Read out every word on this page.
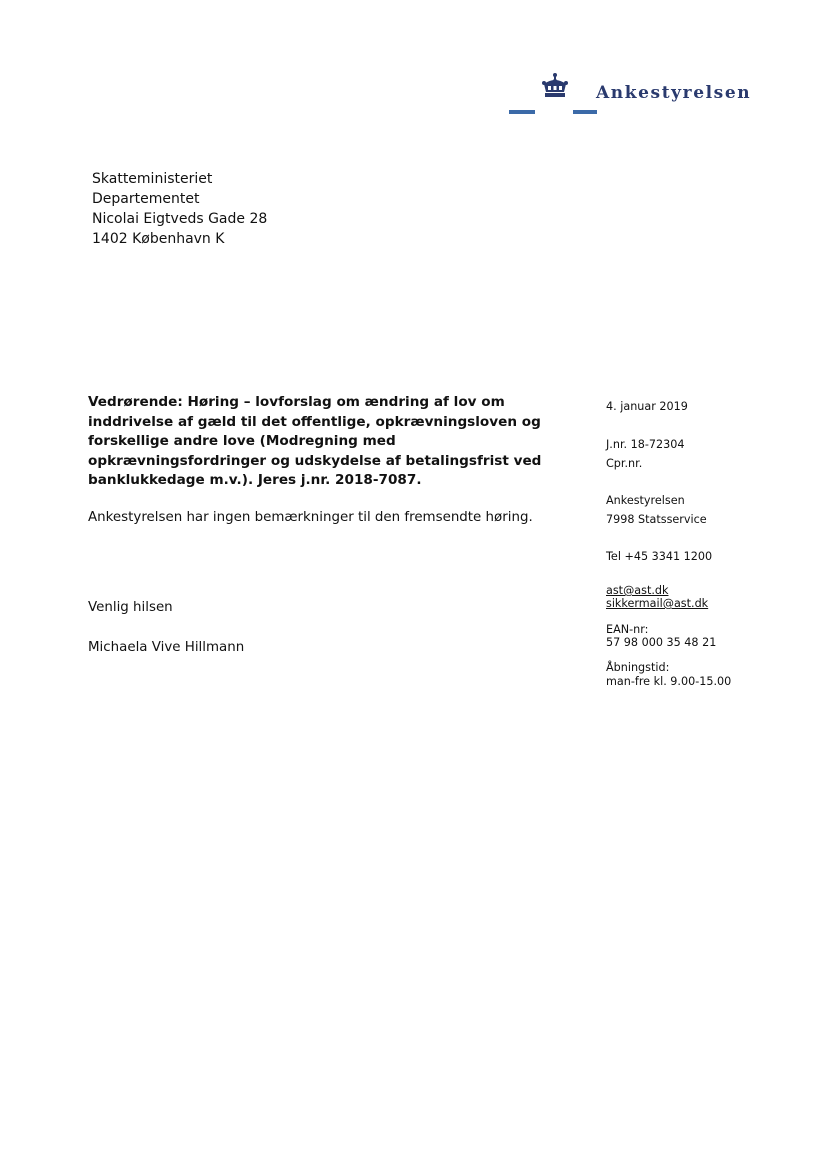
Ankestyrelsen
Skatteministeriet
Departementet
Nicolai Eigtveds Gade 28
1402 København K
Vedrørende: Høring – lovforslag om ændring af lov om inddrivelse af gæld til det offentlige, opkrævningsloven og forskellige andre love (Modregning med opkrævningsfordringer og udskydelse af betalingsfrist ved banklukkedage m.v.). Jeres j.nr. 2018-7087.
Ankestyrelsen har ingen bemærkninger til den fremsendte høring.
Venlig hilsen
Michaela Vive Hillmann
4. januar 2019
J.nr. 18-72304
Cpr.nr.
Ankestyrelsen
7998 Statsservice
Tel +45 3341 1200
ast@ast.dk
sikkermail@ast.dk
EAN-nr:
57 98 000 35 48 21
Åbningstid:
man-fre kl. 9.00-15.00
